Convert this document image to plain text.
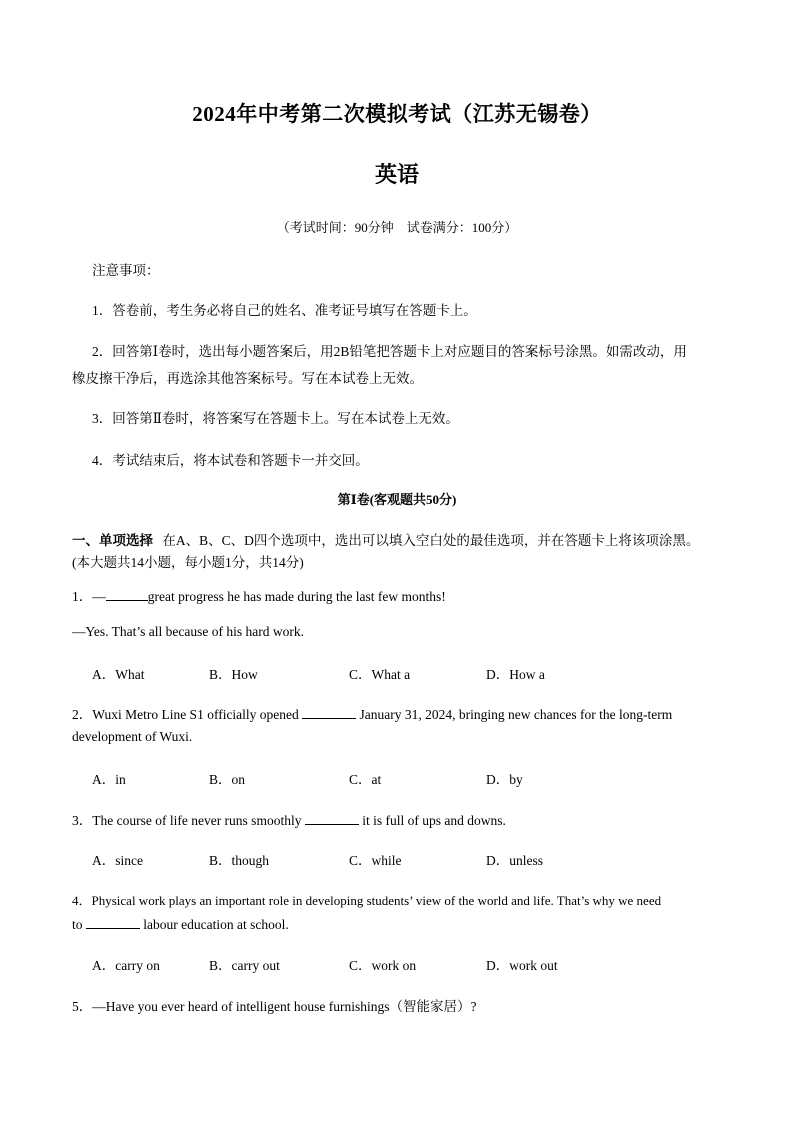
2024年中考第二次模拟考试（江苏无锡卷）
英语
（考试时间：90分钟　试卷满分：100分）
注意事项：
1．答卷前，考生务必将自己的姓名、准考证号填写在答题卡上。
2．回答第Ⅰ卷时，选出每小题答案后，用2B铅笔把答题卡上对应题目的答案标号涂黑。如需改动，用
橡皮擦干净后，再选涂其他答案标号。写在本试卷上无效。
3．回答第Ⅱ卷时，将答案写在答题卡上。写在本试卷上无效。
4．考试结束后，将本试卷和答题卡一并交回。
第Ⅰ卷(客观题共50分)
一、单项选择 在A、B、C、D四个选项中，选出可以填入空白处的最佳选项，并在答题卡上将该项涂黑。
(本大题共14小题，每小题1分，共14分)
1．—	great progress he has made during the last few months!
—Yes. That’s all because of his hard work.
A．What	B．How	C．What a	D．How a
2．Wuxi Metro Line S1 officially opened	January 31, 2024, bringing new chances for the long-term
development of Wuxi.
A．in	B．on	C．at	D．by
3．The course of life never runs smoothly	it is full of ups and downs.
A．since	B．though	C．while	D．unless
4．Physical work plays an important role in developing students’ view of the world and life. That’s why we need
to	labour education at school.
A．carry on	B．carry out	C．work on	D．work out
5．—Have you ever heard of intelligent house furnishings（智能家居）?
